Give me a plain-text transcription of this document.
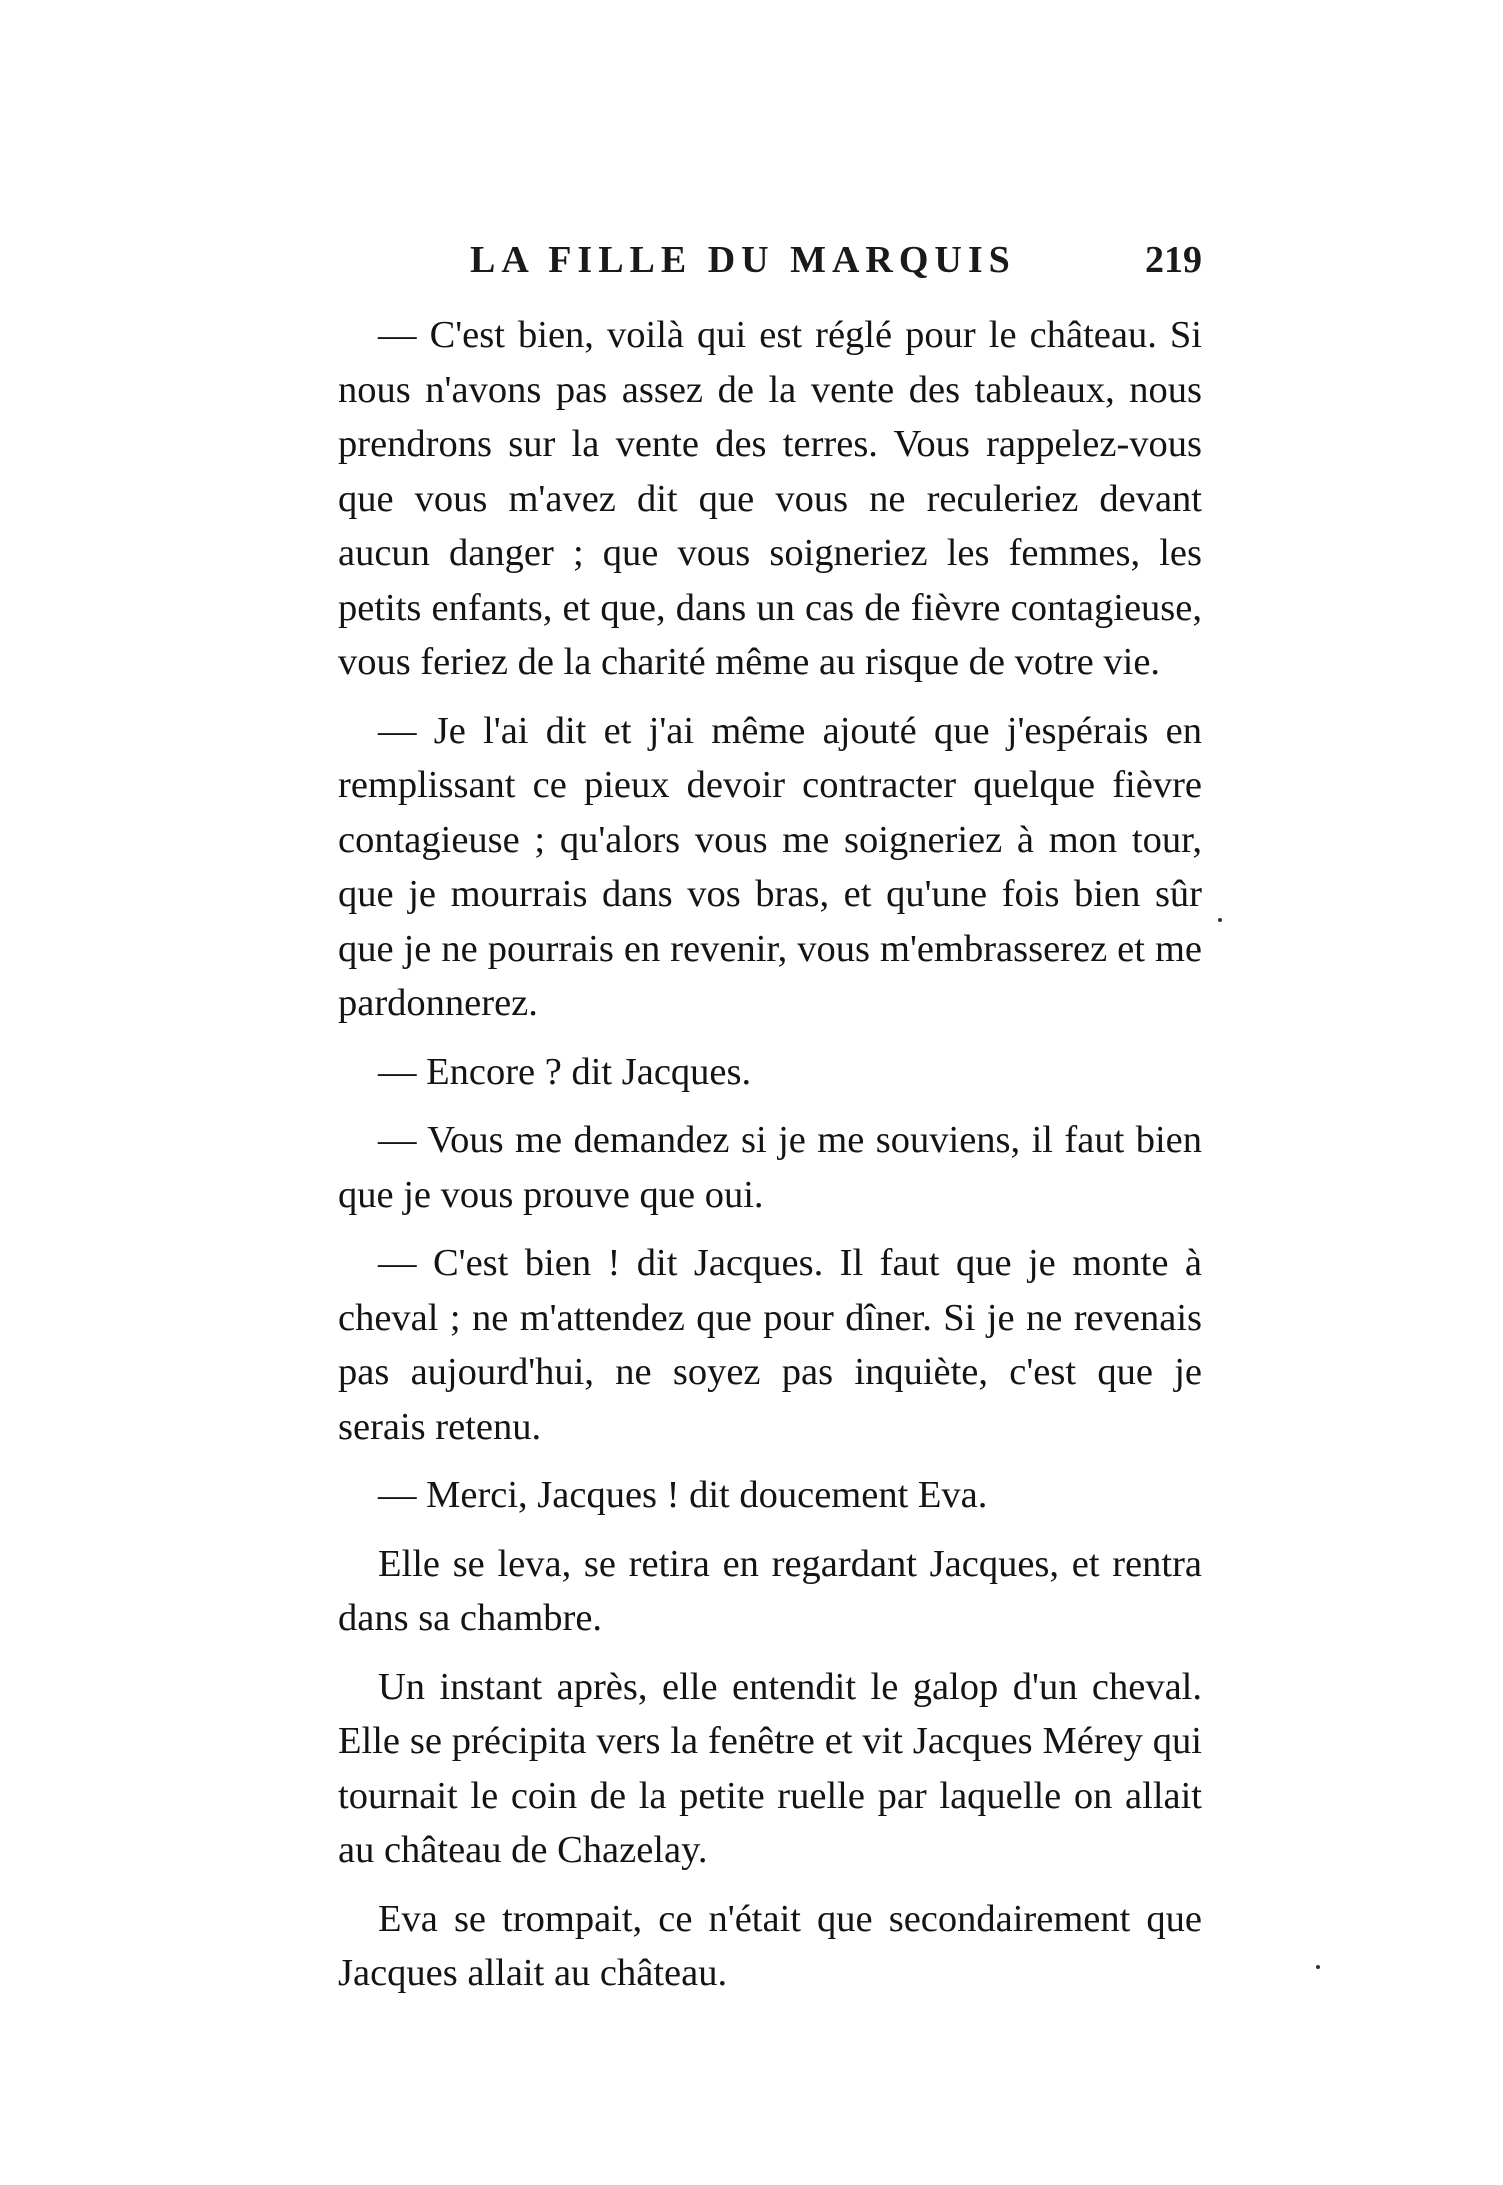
LA FILLE DU MARQUIS	219

— C'est bien, voilà qui est réglé pour le château. Si nous n'avons pas assez de la vente des tableaux, nous prendrons sur la vente des terres. Vous rappelez-vous que vous m'avez dit que vous ne reculeriez devant aucun danger ; que vous soigneriez les femmes, les petits enfants, et que, dans un cas de fièvre contagieuse, vous feriez de la charité même au risque de votre vie.

— Je l'ai dit et j'ai même ajouté que j'espérais en remplissant ce pieux devoir contracter quelque fièvre contagieuse ; qu'alors vous me soigneriez à mon tour, que je mourrais dans vos bras, et qu'une fois bien sûr que je ne pourrais en revenir, vous m'embrasserez et me pardonnerez.

— Encore ? dit Jacques.

— Vous me demandez si je me souviens, il faut bien que je vous prouve que oui.

— C'est bien ! dit Jacques. Il faut que je monte à cheval ; ne m'attendez que pour dîner. Si je ne revenais pas aujourd'hui, ne soyez pas inquiète, c'est que je serais retenu.

— Merci, Jacques ! dit doucement Eva.

Elle se leva, se retira en regardant Jacques, et rentra dans sa chambre.

Un instant après, elle entendit le galop d'un cheval. Elle se précipita vers la fenêtre et vit Jacques Mérey qui tournait le coin de la petite ruelle par laquelle on allait au château de Chazelay.

Eva se trompait, ce n'était que secondairement que Jacques allait au château.
